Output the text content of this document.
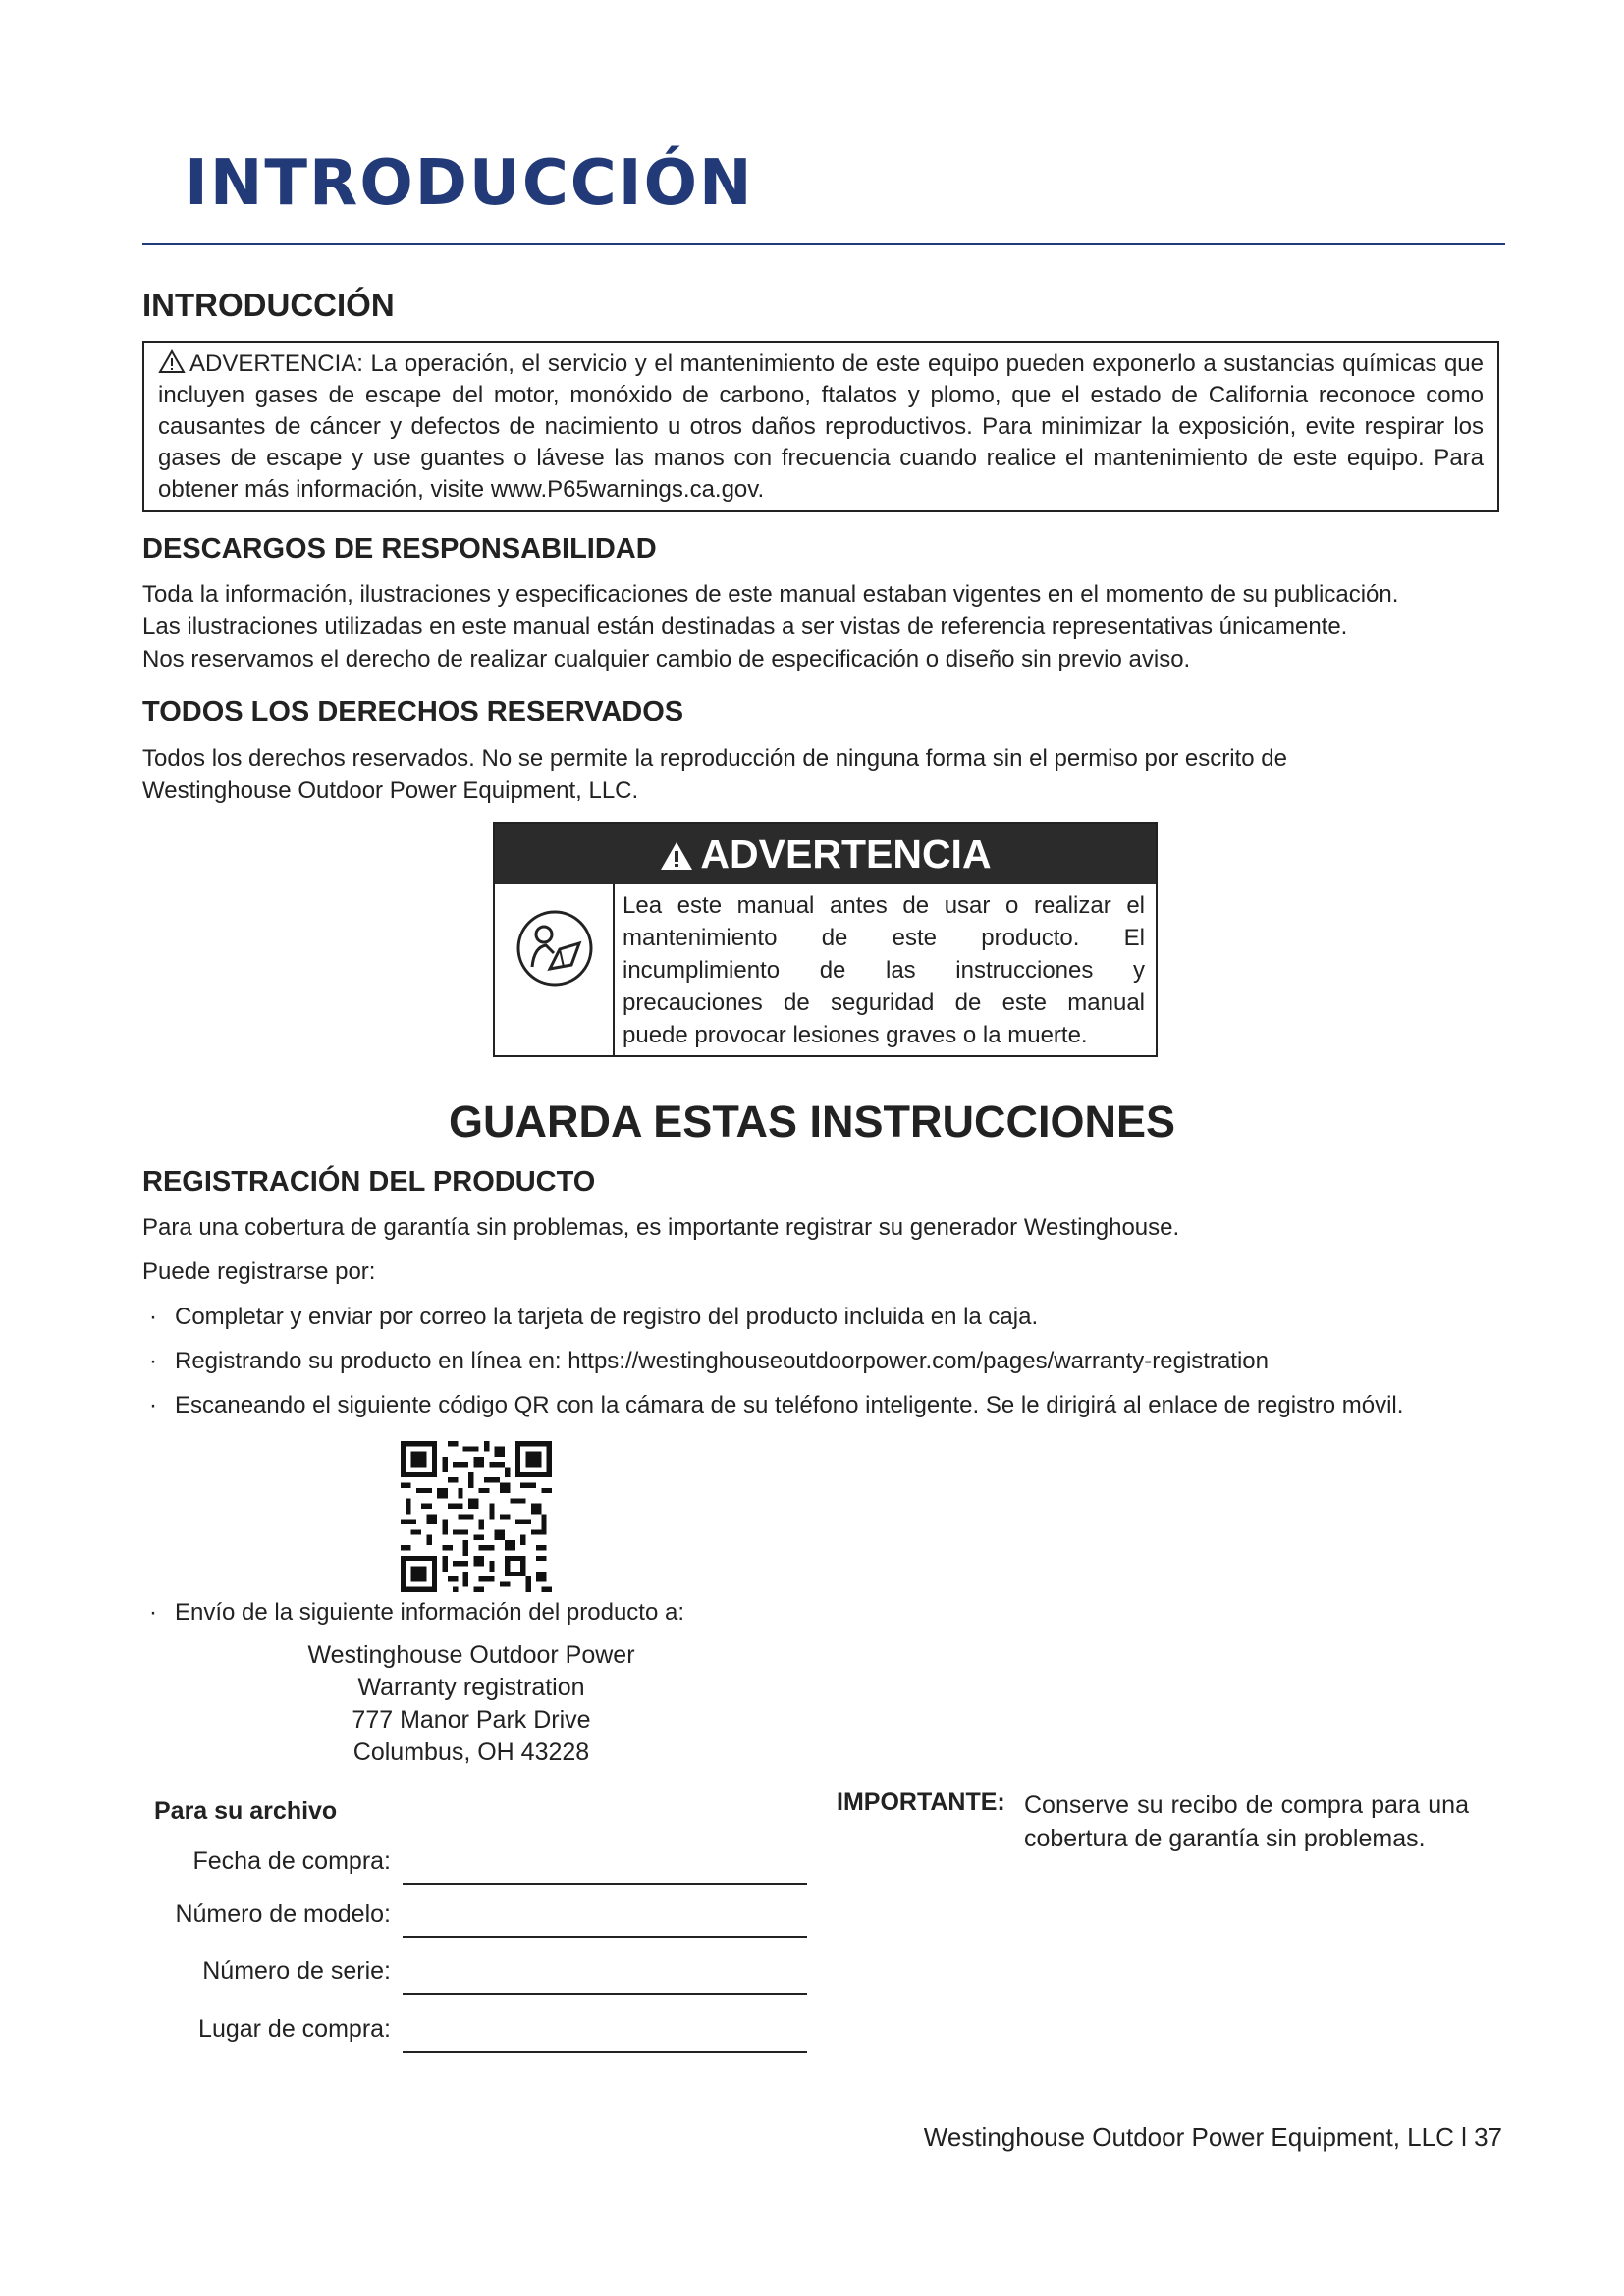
INTRODUCCIÓN
INTRODUCCIÓN
ADVERTENCIA: La operación, el servicio y el mantenimiento de este equipo pueden exponerlo a sustancias químicas que incluyen gases de escape del motor, monóxido de carbono, ftalatos y plomo, que el estado de California reconoce como causantes de cáncer y defectos de nacimiento u otros daños reproductivos. Para minimizar la exposición, evite respirar los gases de escape y use guantes o lávese las manos con frecuencia cuando realice el mantenimiento de este equipo. Para obtener más información, visite www.P65warnings.ca.gov.
DESCARGOS DE RESPONSABILIDAD
Toda la información, ilustraciones y especificaciones de este manual estaban vigentes en el momento de su publicación.
Las ilustraciones utilizadas en este manual están destinadas a ser vistas de referencia representativas únicamente.
Nos reservamos el derecho de realizar cualquier cambio de especificación o diseño sin previo aviso.
TODOS LOS DERECHOS RESERVADOS
Todos los derechos reservados. No se permite la reproducción de ninguna forma sin el permiso por escrito de
Westinghouse Outdoor Power Equipment, LLC.
ADVERTENCIA
Lea este manual antes de usar o realizar el mantenimiento de este producto. El incumplimiento de las instrucciones y precauciones de seguridad de este manual puede provocar lesiones graves o la muerte.
GUARDA ESTAS INSTRUCCIONES
REGISTRACIÓN DEL PRODUCTO
Para una cobertura de garantía sin problemas, es importante registrar su generador Westinghouse.
Puede registrarse por:
· Completar y enviar por correo la tarjeta de registro del producto incluida en la caja.
· Registrando su producto en línea en: https://westinghouseoutdoorpower.com/pages/warranty-registration
· Escaneando el siguiente código QR con la cámara de su teléfono inteligente. Se le dirigirá al enlace de registro móvil.
· Envío de la siguiente información del producto a:
Westinghouse Outdoor Power
Warranty registration
777 Manor Park Drive
Columbus, OH 43228
Para su archivo
Fecha de compra:
Número de modelo:
Número de serie:
Lugar de compra:
IMPORTANTE: Conserve su recibo de compra para una cobertura de garantía sin problemas.
Westinghouse Outdoor Power Equipment, LLC l 37
